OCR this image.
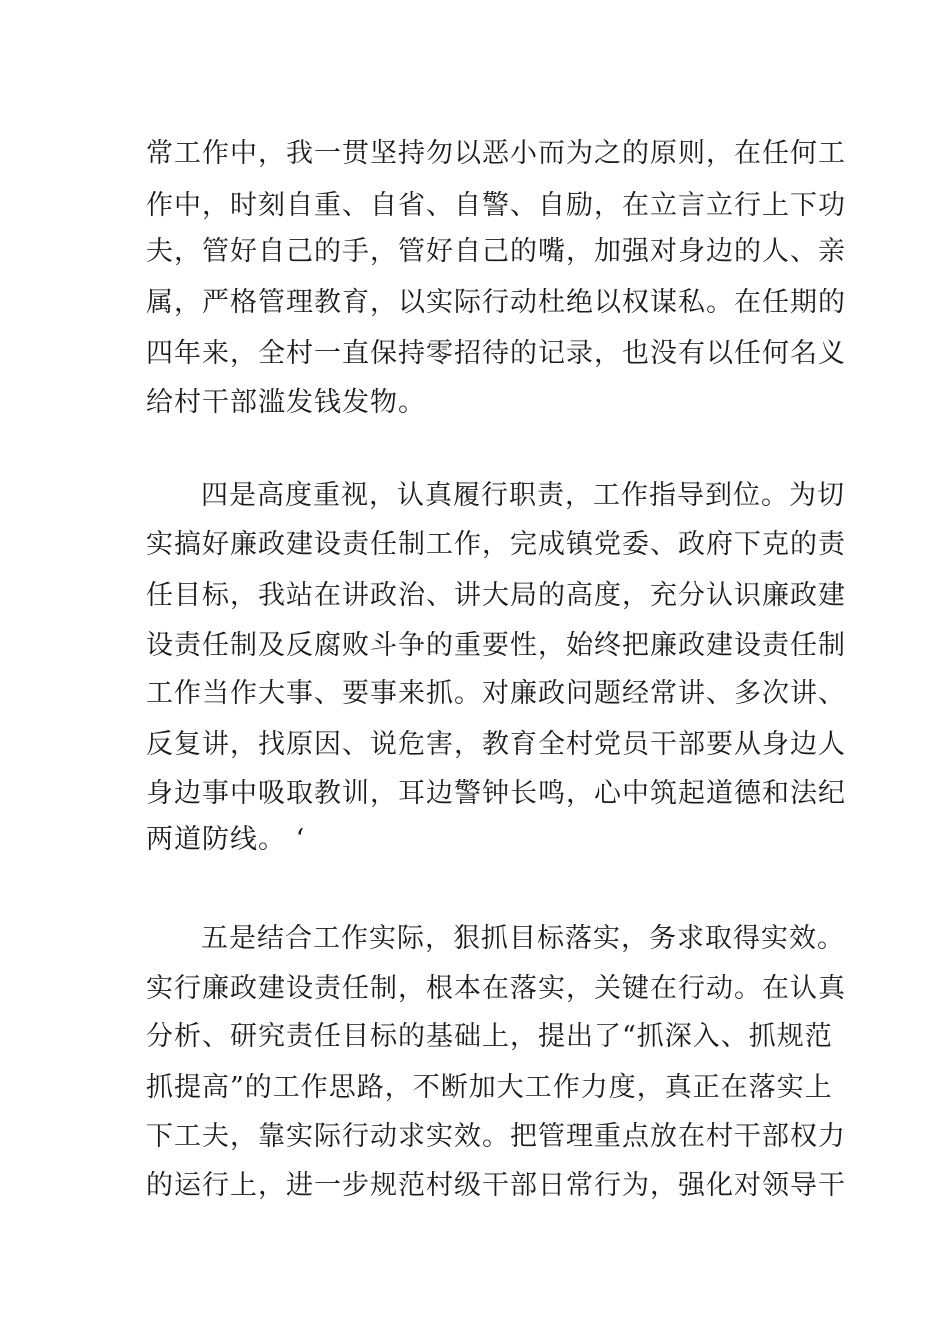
常工作中，我一贯坚持勿以恶小而为之的原则，在任何工
作中，时刻自重、自省、自警、自励，在立言立行上下功
夫，管好自己的手，管好自己的嘴，加强对身边的人、亲
属，严格管理教育，以实际行动杜绝以权谋私。在任期的
四年来，全村一直保持零招待的记录，也没有以任何名义
给村干部滥发钱发物。
四是高度重视，认真履行职责，工作指导到位。为切
实搞好廉政建设责任制工作，完成镇党委、政府下克的责
任目标，我站在讲政治、讲大局的高度，充分认识廉政建
设责任制及反腐败斗争的重要性，始终把廉政建设责任制
工作当作大事、要事来抓。对廉政问题经常讲、多次讲、
反复讲，找原因、说危害，教育全村党员干部要从身边人
身边事中吸取教训，耳边警钟长鸣，心中筑起道德和法纪
两道防线。 ‘
五是结合工作实际，狠抓目标落实，务求取得实效。
实行廉政建设责任制，根本在落实，关键在行动。在认真
分析、研究责任目标的基础上，提出了“抓深入、抓规范
抓提高”的工作思路，不断加大工作力度，真正在落实上
下工夫，靠实际行动求实效。把管理重点放在村干部权力
的运行上，进一步规范村级干部日常行为，强化对领导干
